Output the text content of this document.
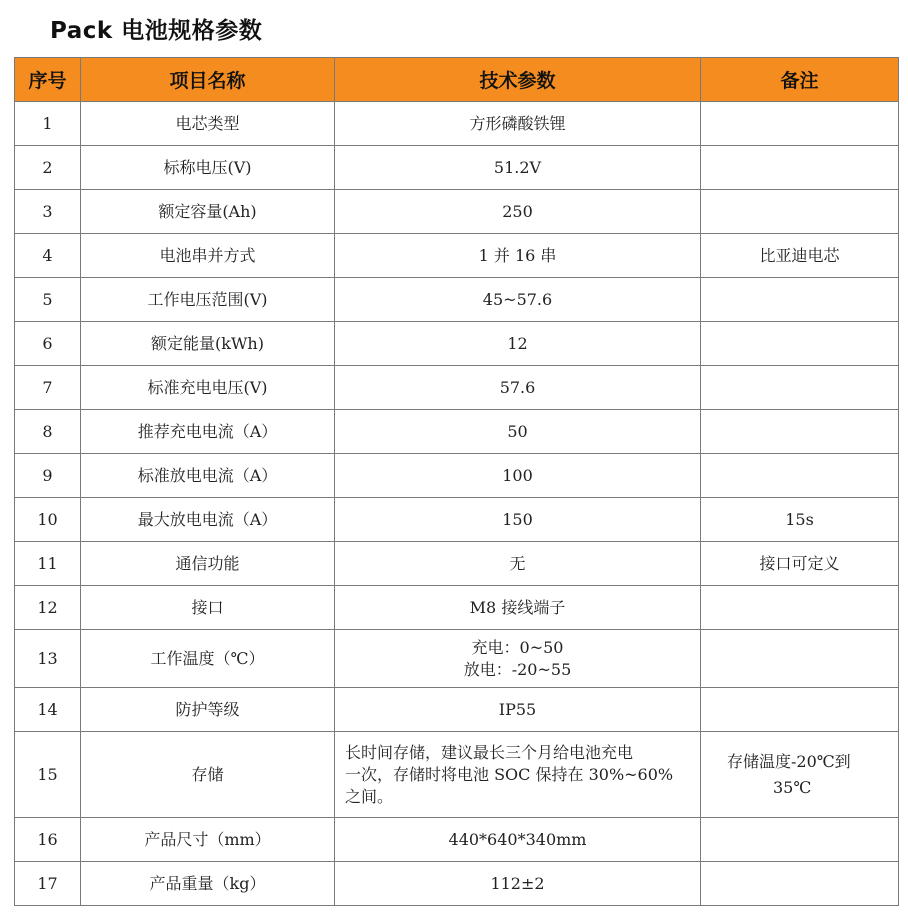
Pack 电池规格参数
序号	项目名称	技术参数	备注
1	电芯类型	方形磷酸铁锂	
2	标称电压(V)	51.2V	
3	额定容量(Ah)	250	
4	电池串并方式	1 并 16 串	比亚迪电芯
5	工作电压范围(V)	45~57.6	
6	额定能量(kWh)	12	
7	标准充电电压(V)	57.6	
8	推荐充电电流（A）	50	
9	标准放电电流（A）	100	
10	最大放电电流（A）	150	15s
11	通信功能	无	接口可定义
12	接口	M8 接线端子	
13	工作温度（℃）	充电：0~50
放电：-20~55	

14	防护等级	IP55	
15	存储	长时间存储，建议最长三个月给电池充电
一次，存储时将电池 SOC 保持在 30%~60%
之间。	存储温度-20℃到
35℃

16	产品尺寸（mm）	440*640*340mm	
17	产品重量（kg）	112±2	
